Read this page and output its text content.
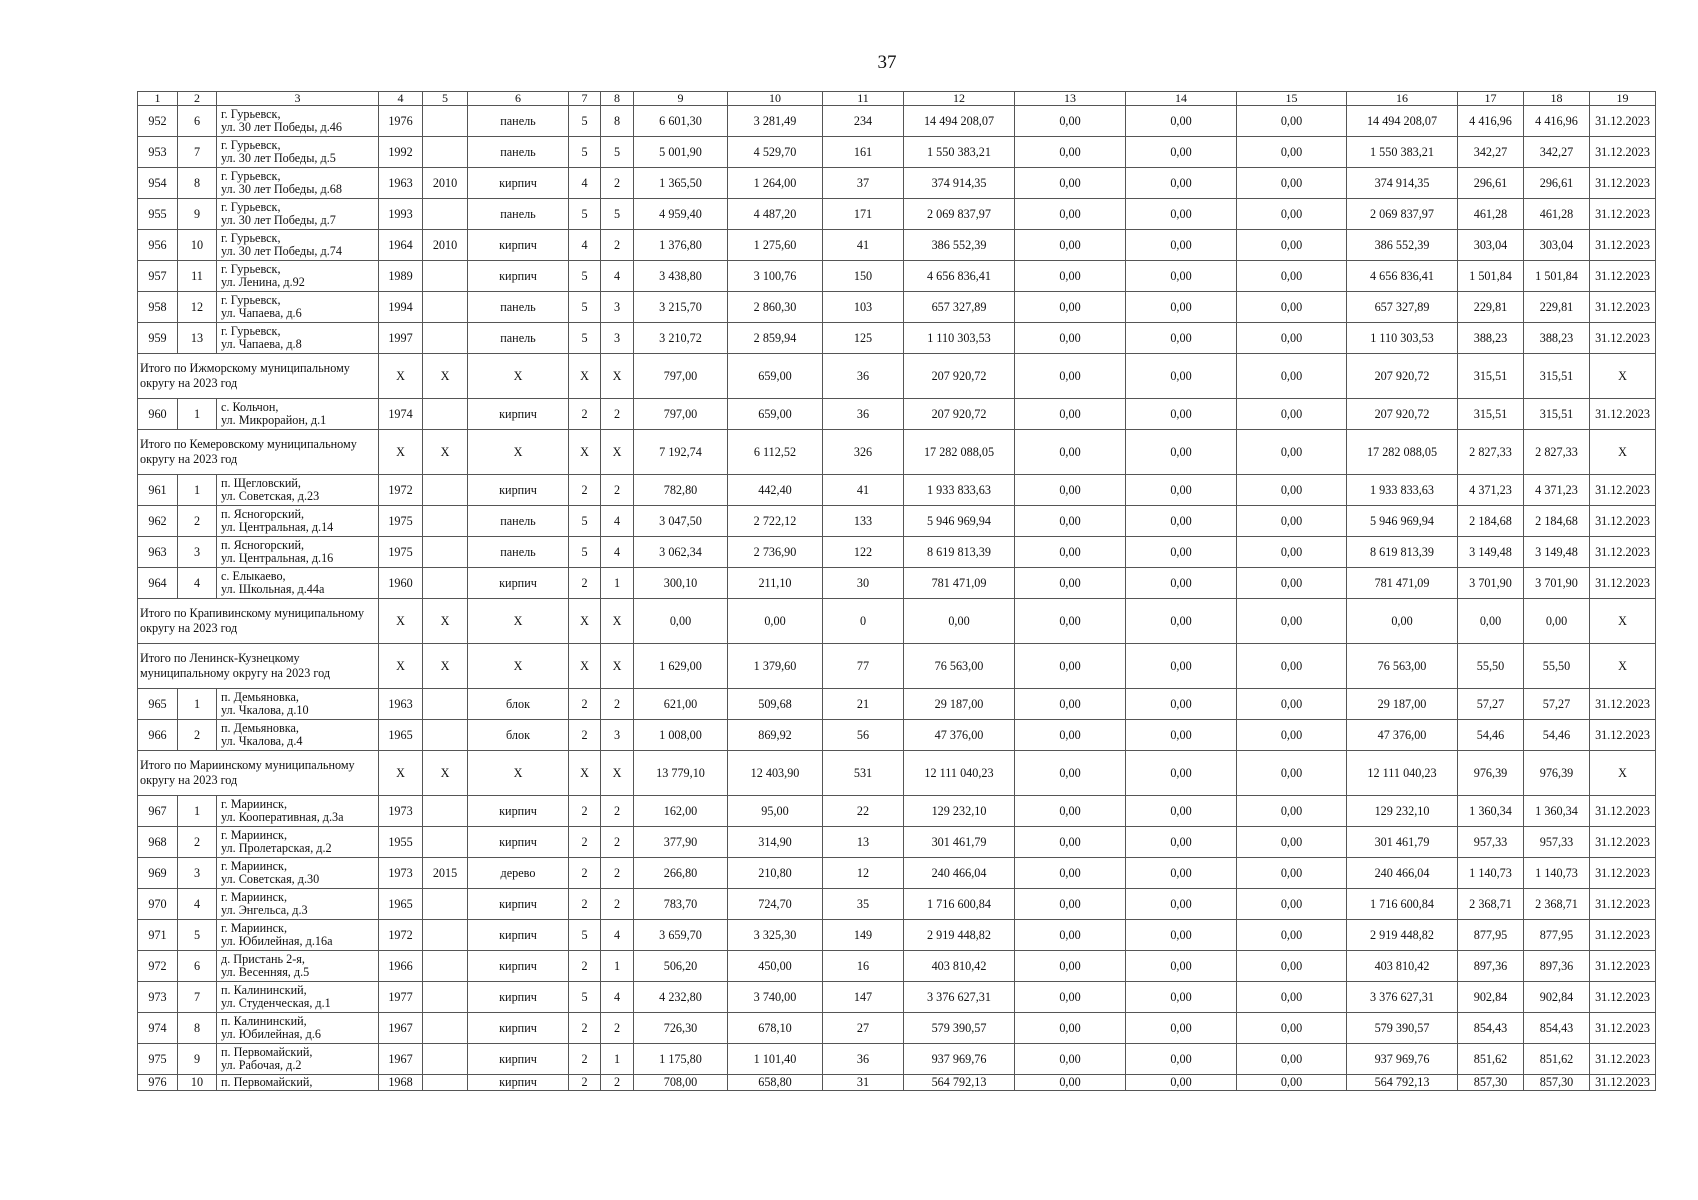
37
1	2	3	4	5	6	7	8	9	10	11	12	13	14	15	16	17	18	19
952	6	г. Гурьевск,
ул. 30 лет Победы, д.46	1976		панель	5	8	6 601,30	3 281,49	234	14 494 208,07	0,00	0,00	0,00	14 494 208,07	4 416,96	4 416,96	31.12.2023
953	7	г. Гурьевск,
ул. 30 лет Победы, д.5	1992		панель	5	5	5 001,90	4 529,70	161	1 550 383,21	0,00	0,00	0,00	1 550 383,21	342,27	342,27	31.12.2023
954	8	г. Гурьевск,
ул. 30 лет Победы, д.68	1963	2010	кирпич	4	2	1 365,50	1 264,00	37	374 914,35	0,00	0,00	0,00	374 914,35	296,61	296,61	31.12.2023
955	9	г. Гурьевск,
ул. 30 лет Победы, д.7	1993		панель	5	5	4 959,40	4 487,20	171	2 069 837,97	0,00	0,00	0,00	2 069 837,97	461,28	461,28	31.12.2023
956	10	г. Гурьевск,
ул. 30 лет Победы, д.74	1964	2010	кирпич	4	2	1 376,80	1 275,60	41	386 552,39	0,00	0,00	0,00	386 552,39	303,04	303,04	31.12.2023
957	11	г. Гурьевск,
ул. Ленина, д.92	1989		кирпич	5	4	3 438,80	3 100,76	150	4 656 836,41	0,00	0,00	0,00	4 656 836,41	1 501,84	1 501,84	31.12.2023
958	12	г. Гурьевск,
ул. Чапаева, д.6	1994		панель	5	3	3 215,70	2 860,30	103	657 327,89	0,00	0,00	0,00	657 327,89	229,81	229,81	31.12.2023
959	13	г. Гурьевск,
ул. Чапаева, д.8	1997		панель	5	3	3 210,72	2 859,94	125	1 110 303,53	0,00	0,00	0,00	1 110 303,53	388,23	388,23	31.12.2023
Итого по Ижморскому муниципальному округу на 2023 год			X	X	X	X	X	797,00	659,00	36	207 920,72	0,00	0,00	0,00	207 920,72	315,51	315,51	X
960	1	с. Кольчон,
ул. Микрорайон, д.1	1974		кирпич	2	2	797,00	659,00	36	207 920,72	0,00	0,00	0,00	207 920,72	315,51	315,51	31.12.2023
Итого по Кемеровскому муниципальному округу на 2023 год			X	X	X	X	X	7 192,74	6 112,52	326	17 282 088,05	0,00	0,00	0,00	17 282 088,05	2 827,33	2 827,33	X
961	1	п. Щегловский,
ул. Советская, д.23	1972		кирпич	2	2	782,80	442,40	41	1 933 833,63	0,00	0,00	0,00	1 933 833,63	4 371,23	4 371,23	31.12.2023
962	2	п. Ясногорский,
ул. Центральная, д.14	1975		панель	5	4	3 047,50	2 722,12	133	5 946 969,94	0,00	0,00	0,00	5 946 969,94	2 184,68	2 184,68	31.12.2023
963	3	п. Ясногорский,
ул. Центральная, д.16	1975		панель	5	4	3 062,34	2 736,90	122	8 619 813,39	0,00	0,00	0,00	8 619 813,39	3 149,48	3 149,48	31.12.2023
964	4	с. Елыкаево,
ул. Школьная, д.44а	1960		кирпич	2	1	300,10	211,10	30	781 471,09	0,00	0,00	0,00	781 471,09	3 701,90	3 701,90	31.12.2023
Итого по Крапивинскому муниципальному округу на 2023 год			X	X	X	X	X	0,00	0,00	0	0,00	0,00	0,00	0,00	0,00	0,00	0,00	X
Итого по Ленинск-Кузнецкому муниципальному округу на 2023 год			X	X	X	X	X	1 629,00	1 379,60	77	76 563,00	0,00	0,00	0,00	76 563,00	55,50	55,50	X
965	1	п. Демьяновка,
ул. Чкалова, д.10	1963		блок	2	2	621,00	509,68	21	29 187,00	0,00	0,00	0,00	29 187,00	57,27	57,27	31.12.2023
966	2	п. Демьяновка,
ул. Чкалова, д.4	1965		блок	2	3	1 008,00	869,92	56	47 376,00	0,00	0,00	0,00	47 376,00	54,46	54,46	31.12.2023
Итого по Мариинскому муниципальному округу на 2023 год			X	X	X	X	X	13 779,10	12 403,90	531	12 111 040,23	0,00	0,00	0,00	12 111 040,23	976,39	976,39	X
967	1	г. Мариинск,
ул. Кооперативная, д.3а	1973		кирпич	2	2	162,00	95,00	22	129 232,10	0,00	0,00	0,00	129 232,10	1 360,34	1 360,34	31.12.2023
968	2	г. Мариинск,
ул. Пролетарская, д.2	1955		кирпич	2	2	377,90	314,90	13	301 461,79	0,00	0,00	0,00	301 461,79	957,33	957,33	31.12.2023
969	3	г. Мариинск,
ул. Советская, д.30	1973	2015	дерево	2	2	266,80	210,80	12	240 466,04	0,00	0,00	0,00	240 466,04	1 140,73	1 140,73	31.12.2023
970	4	г. Мариинск,
ул. Энгельса, д.3	1965		кирпич	2	2	783,70	724,70	35	1 716 600,84	0,00	0,00	0,00	1 716 600,84	2 368,71	2 368,71	31.12.2023
971	5	г. Мариинск,
ул. Юбилейная, д.16а	1972		кирпич	5	4	3 659,70	3 325,30	149	2 919 448,82	0,00	0,00	0,00	2 919 448,82	877,95	877,95	31.12.2023
972	6	д. Пристань 2-я,
ул. Весенняя, д.5	1966		кирпич	2	1	506,20	450,00	16	403 810,42	0,00	0,00	0,00	403 810,42	897,36	897,36	31.12.2023
973	7	п. Калининский,
ул. Студенческая, д.1	1977		кирпич	5	4	4 232,80	3 740,00	147	3 376 627,31	0,00	0,00	0,00	3 376 627,31	902,84	902,84	31.12.2023
974	8	п. Калининский,
ул. Юбилейная, д.6	1967		кирпич	2	2	726,30	678,10	27	579 390,57	0,00	0,00	0,00	579 390,57	854,43	854,43	31.12.2023
975	9	п. Первомайский,
ул. Рабочая, д.2	1967		кирпич	2	1	1 175,80	1 101,40	36	937 969,76	0,00	0,00	0,00	937 969,76	851,62	851,62	31.12.2023
976	10	п. Первомайский,	1968		кирпич	2	2	708,00	658,80	31	564 792,13	0,00	0,00	0,00	564 792,13	857,30	857,30	31.12.2023
